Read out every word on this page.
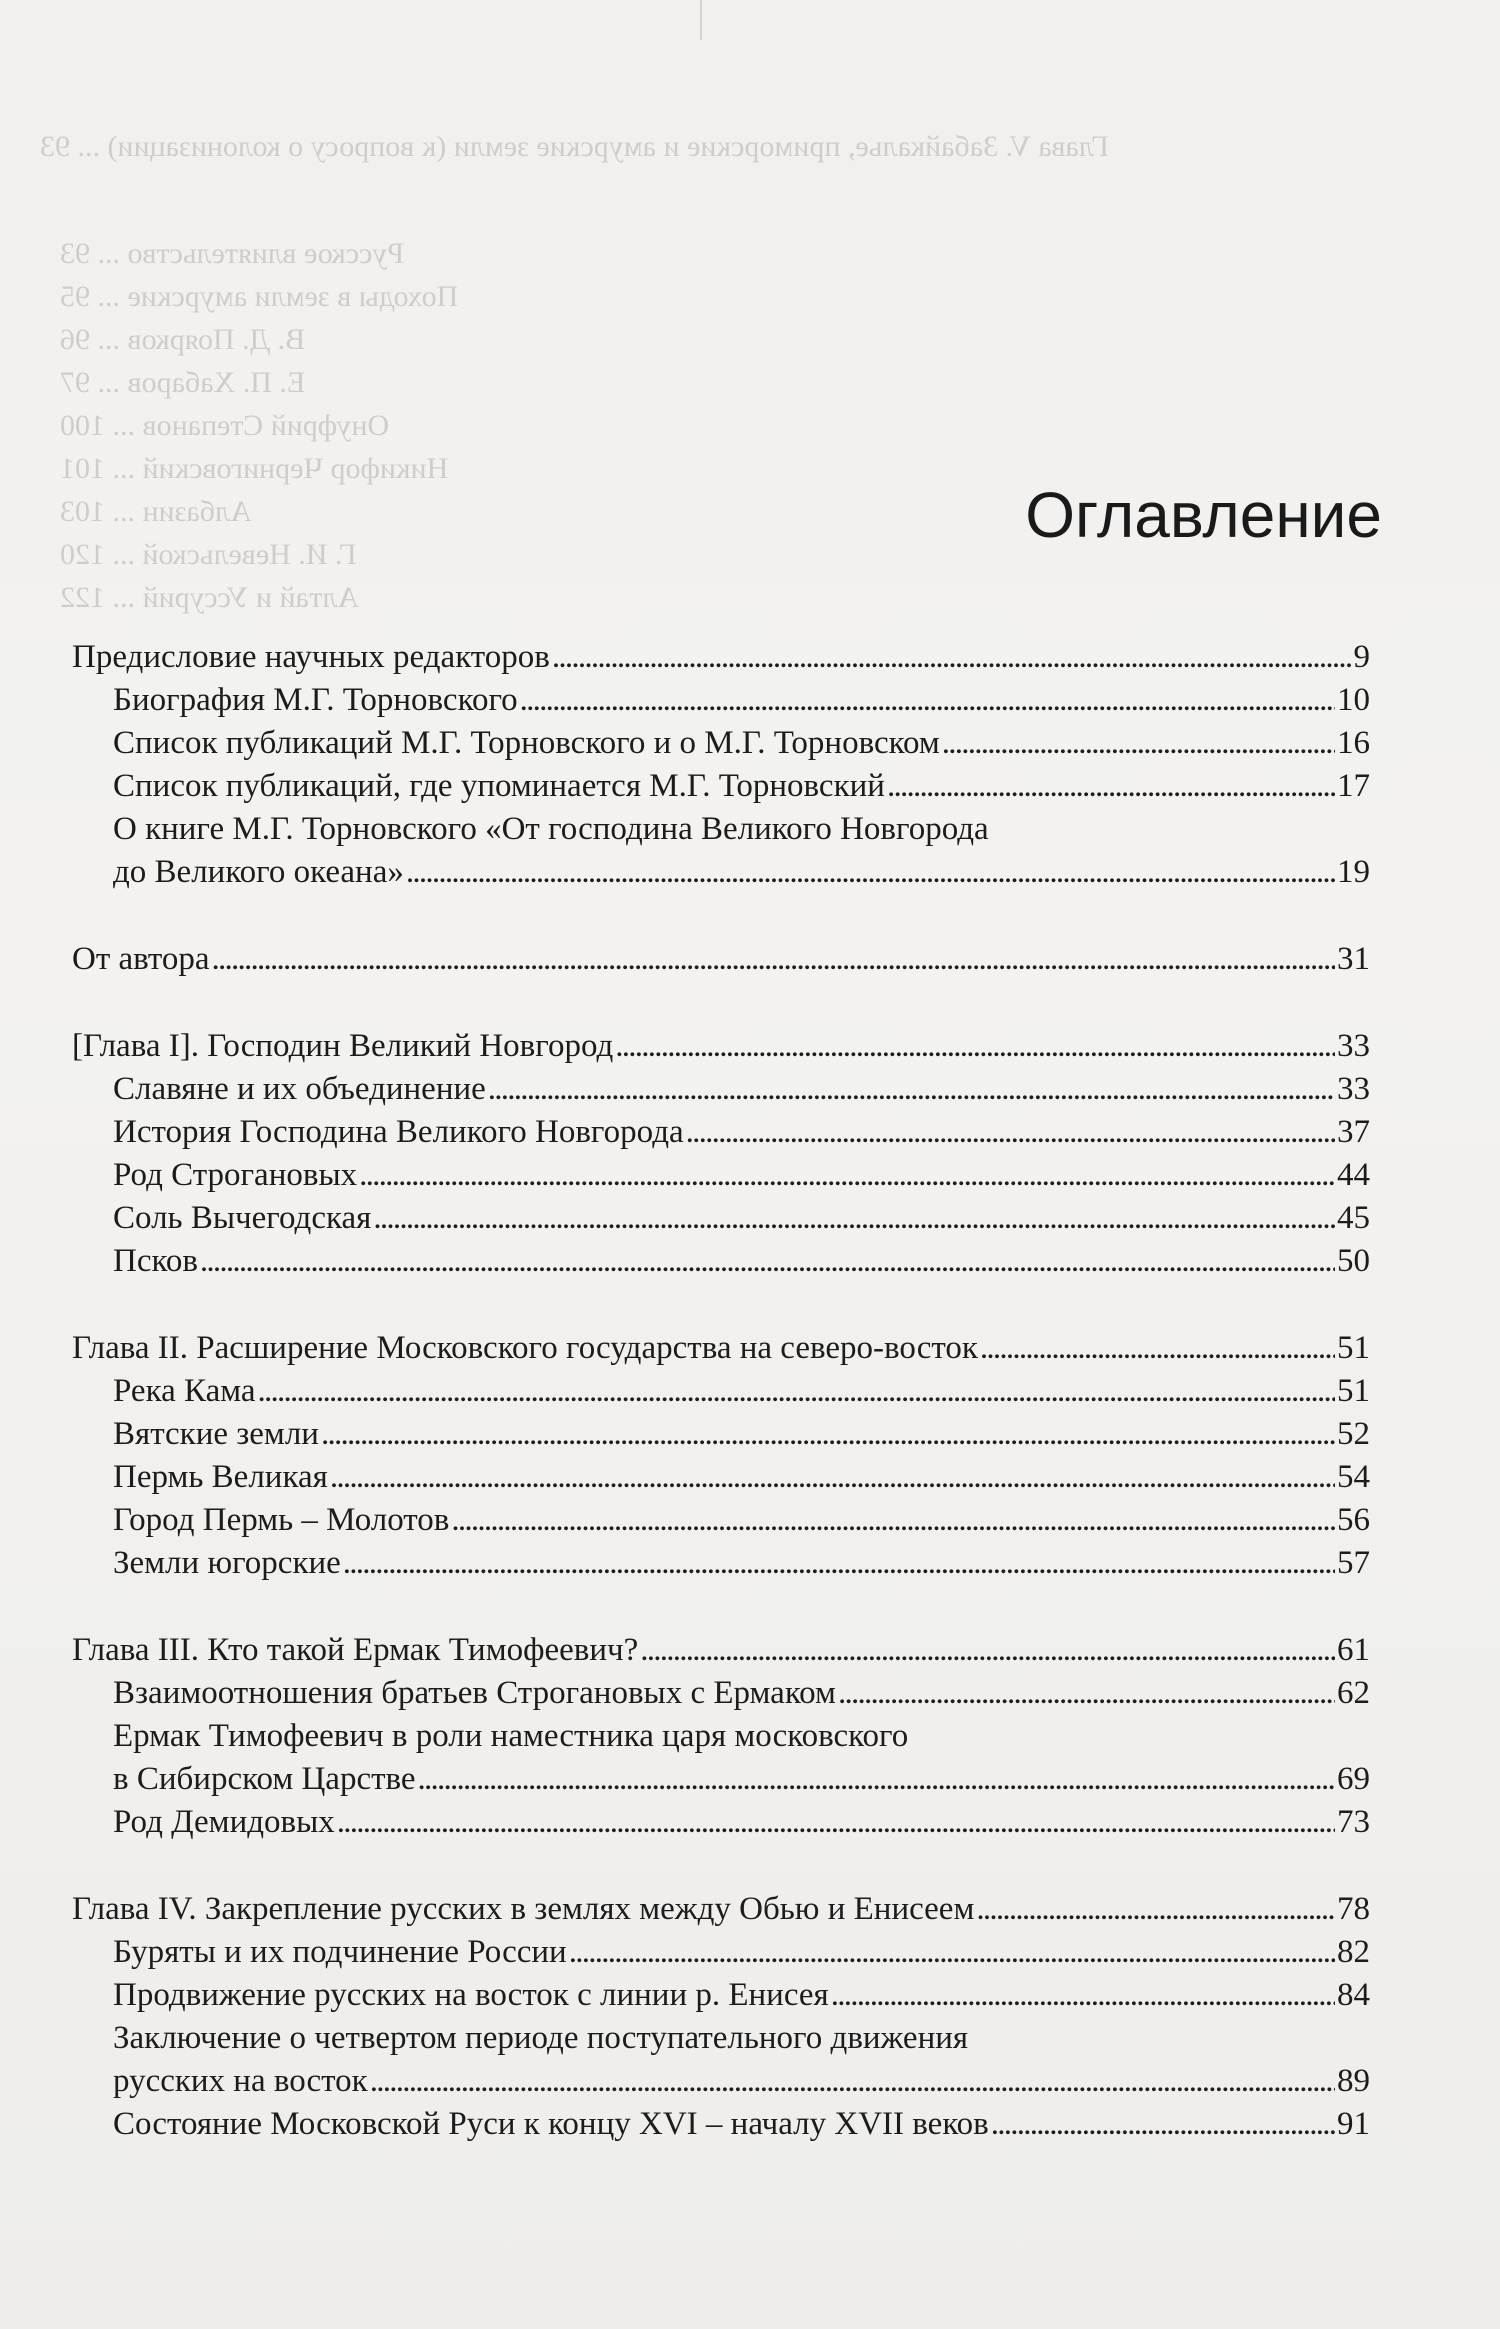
Глава V. Забайкалье, приморские и амурские земли (к вопросу о колонизации) ... 93
Русское влиятельство ... 93
Походы в земли амурские ... 95
В. Д. Поярков ... 96
Е. П. Хабаров ... 97
Онуфрий Степанов ... 100
Никифор Черниговский ... 101
Албазин ... 103
Г. И. Невельской ... 120
Алтай и Уссурий ... 122
Оглавление
Предисловие научных редакторов . . .	9
Биография М.Г. Торновского . . .	10
Список публикаций М.Г. Торновского и о М.Г. Торновском . . .	16
Список публикаций, где упоминается М.Г. Торновский . . .	17
О книге М.Г. Торновского «От господина Великого Новгорода
до Великого океана» . . .	19
От автора . . .	31
[Глава I]. Господин Великий Новгород . . .	33
Славяне и их объединение . . .	33
История Господина Великого Новгорода . . .	37
Род Строгановых . . .	44
Соль Вычегодская . . .	45
Псков . . .	50
Глава II. Расширение Московского государства на северо-восток . . .	51
Река Кама . . .	51
Вятские земли . . .	52
Пермь Великая . . .	54
Город Пермь – Молотов . . .	56
Земли югорские . . .	57
Глава III. Кто такой Ермак Тимофеевич? . . .	61
Взаимоотношения братьев Строгановых с Ермаком . . .	62
Ермак Тимофеевич в роли наместника царя московского
в Сибирском Царстве . . .	69
Род Демидовых . . .	73
Глава IV. Закрепление русских в землях между Обью и Енисеем . . .	78
Буряты и их подчинение России . . .	82
Продвижение русских на восток с линии р. Енисея . . .	84
Заключение о четвертом периоде поступательного движения
русских на восток . . .	89
Состояние Московской Руси к концу XVI – началу XVII веков . . .	91
